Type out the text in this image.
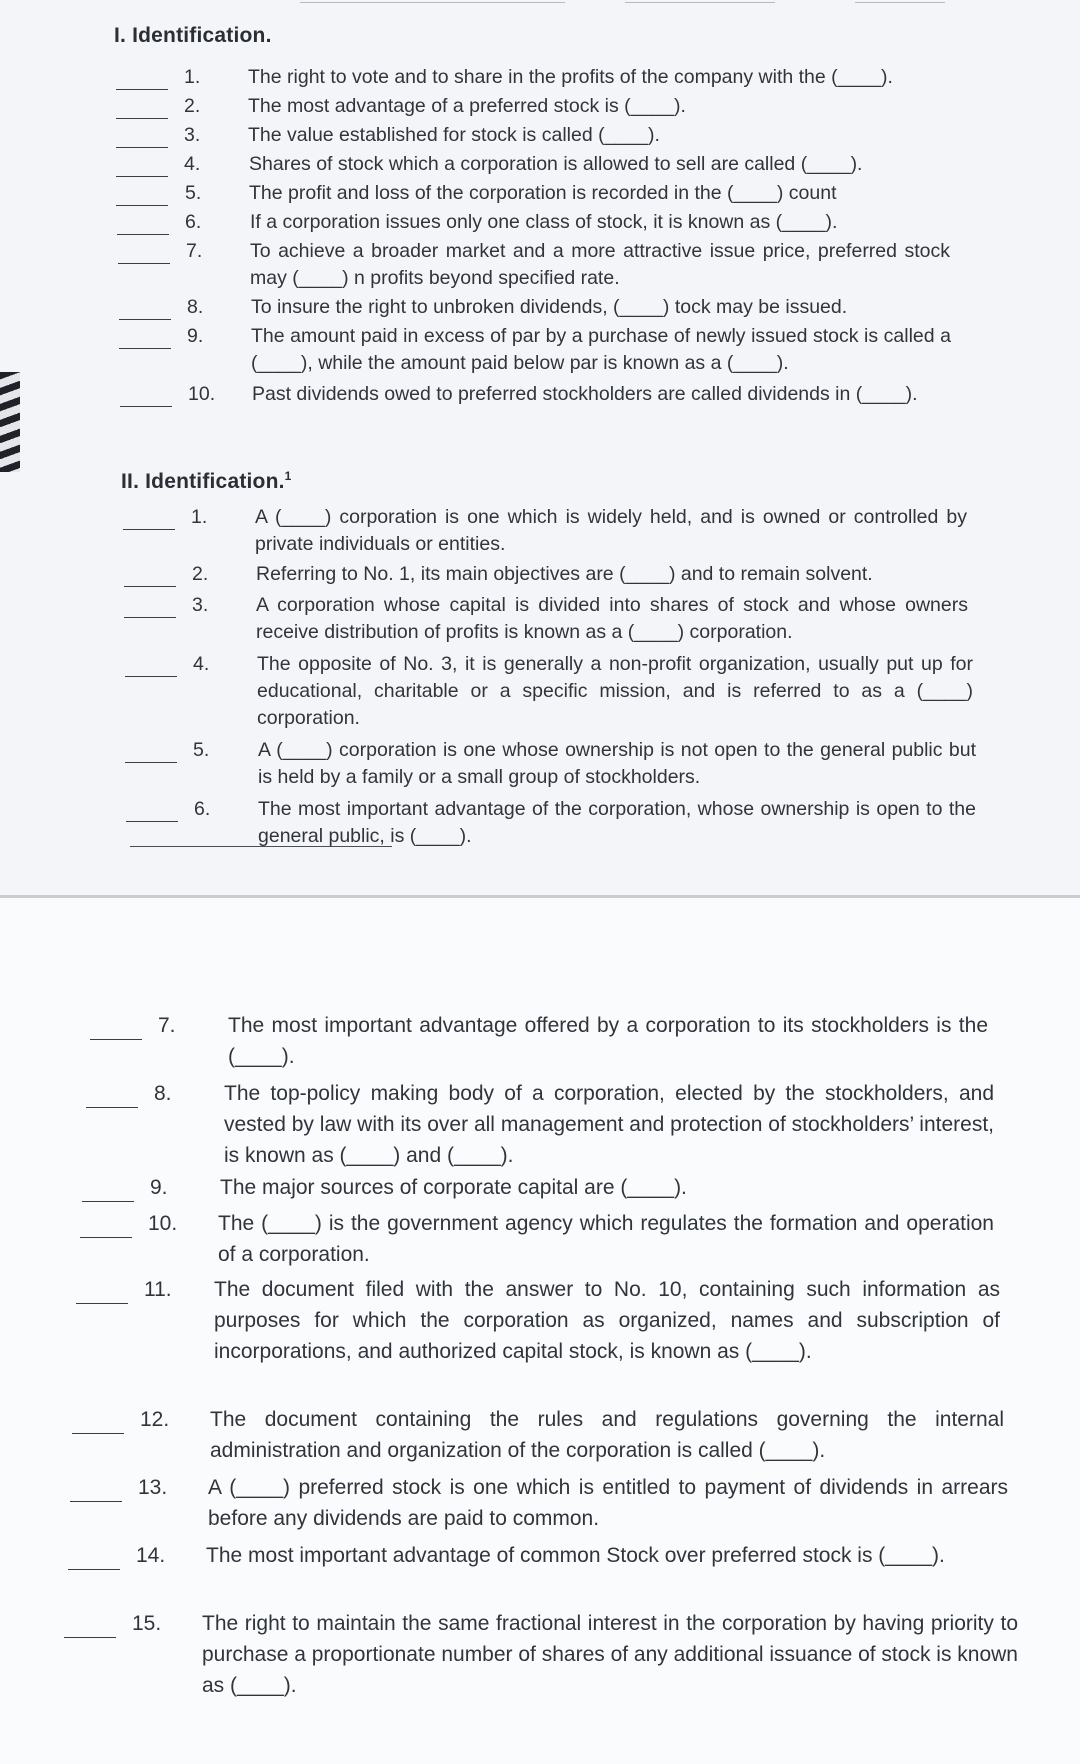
I. Identification.
1.	The right to vote and to share in the profits of the company with the (____).
2.	The most advantage of a preferred stock is (____).
3.	The value established for stock is called (____).
4.	Shares of stock which a corporation is allowed to sell are called (____).
5.	The profit and loss of the corporation is recorded in the (____) count
6.	If a corporation issues only one class of stock, it is known as (____).
7.	To achieve a broader market and a more attractive issue price, preferred stock may (____) n profits beyond specified rate.
8.	To insure the right to unbroken dividends, (____) tock may be issued.
9.	The amount paid in excess of par by a purchase of newly issued stock is called a (____), while the amount paid below par is known as a (____).
10.	Past dividends owed to preferred stockholders are called dividends in (____).
II. Identification.$^1$
1.	A (____) corporation is one which is widely held, and is owned or controlled by private individuals or entities.
2.	Referring to No. 1, its main objectives are (____) and to remain solvent.
3.	A corporation whose capital is divided into shares of stock and whose owners receive distribution of profits is known as a (____) corporation.
4.	The opposite of No. 3, it is generally a non-profit organization, usually put up for educational, charitable or a specific mission, and is referred to as a (____) corporation.
5.	A (____) corporation is one whose ownership is not open to the general public but is held by a family or a small group of stockholders.
6.	The most important advantage of the corporation, whose ownership is open to the general public, is (____).
7.	The most important advantage offered by a corporation to its stockholders is the (____).
8.	The top-policy making body of a corporation, elected by the stockholders, and vested by law with its over all management and protection of stockholders’ interest, is known as (____) and (____).
9.	The major sources of corporate capital are (____).
10.	The (____) is the government agency which regulates the formation and operation of a corporation.
11.	The document filed with the answer to No. 10, containing such information as purposes for which the corporation as organized, names and subscription of incorporations, and authorized capital stock, is known as (____).
12.	The document containing the rules and regulations governing the internal administration and organization of the corporation is called (____).
13.	A (____) preferred stock is one which is entitled to payment of dividends in arrears before any dividends are paid to common.
14.	The most important advantage of common Stock over preferred stock is (____).
15.	The right to maintain the same fractional interest in the corporation by having priority to purchase a proportionate number of shares of any additional issuance of stock is known as (____).
